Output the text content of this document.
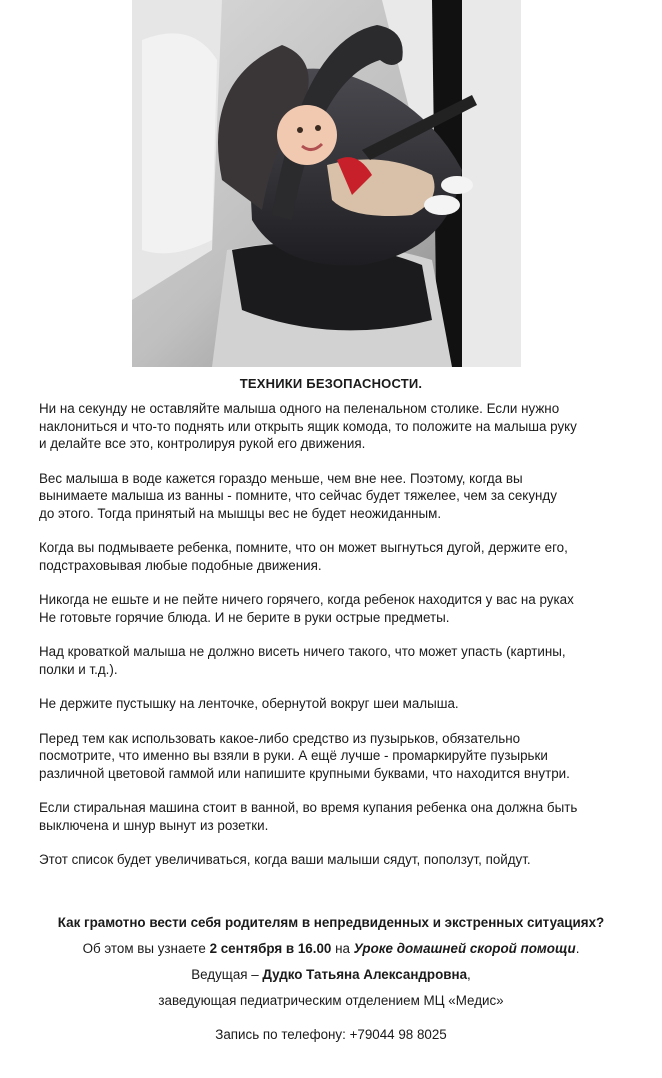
ТЕХНИКИ БЕЗОПАСНОСТИ.

Ни на секунду не оставляйте малыша одного на пеленальном столике. Если нужно
наклониться и что-то поднять или открыть ящик комода, то положите на малыша руку
и делайте все это, контролируя рукой его движения.

Вес малыша в воде кажется гораздо меньше, чем вне нее. Поэтому, когда вы
вынимаете малыша из ванны - помните, что сейчас будет тяжелее, чем за секунду
до этого. Тогда принятый на мышцы вес не будет неожиданным.

Когда вы подмываете ребенка, помните, что он может выгнуться дугой, держите его,
подстраховывая любые подобные движения.

Никогда не ешьте и не пейте ничего горячего, когда ребенок находится у вас на руках
Не готовьте горячие блюда. И не берите в руки острые предметы.

Над кроваткой малыша не должно висеть ничего такого, что может упасть (картины,
полки и т.д.).

Не держите пустышку на ленточке, обернутой вокруг шеи малыша.

Перед тем как использовать какое-либо средство из пузырьков, обязательно
посмотрите, что именно вы взяли в руки. А ещё лучше - промаркируйте пузырьки
различной цветовой гаммой или напишите крупными буквами, что находится внутри.

Если стиральная машина стоит в ванной, во время купания ребенка она должна быть
выключена и шнур вынут из розетки.

Этот список будет увеличиваться, когда ваши малыши сядут, поползут, пойдут.

Как грамотно вести себя родителям в непредвиденных и экстренных ситуациях?
Об этом вы узнаете 2 сентября в 16.00 на Уроке домашней скорой помощи.
Ведущая – Дудко Татьяна Александровна,
заведующая педиатрическим отделением МЦ «Медис»
Запись по телефону: +79044 98 8025
